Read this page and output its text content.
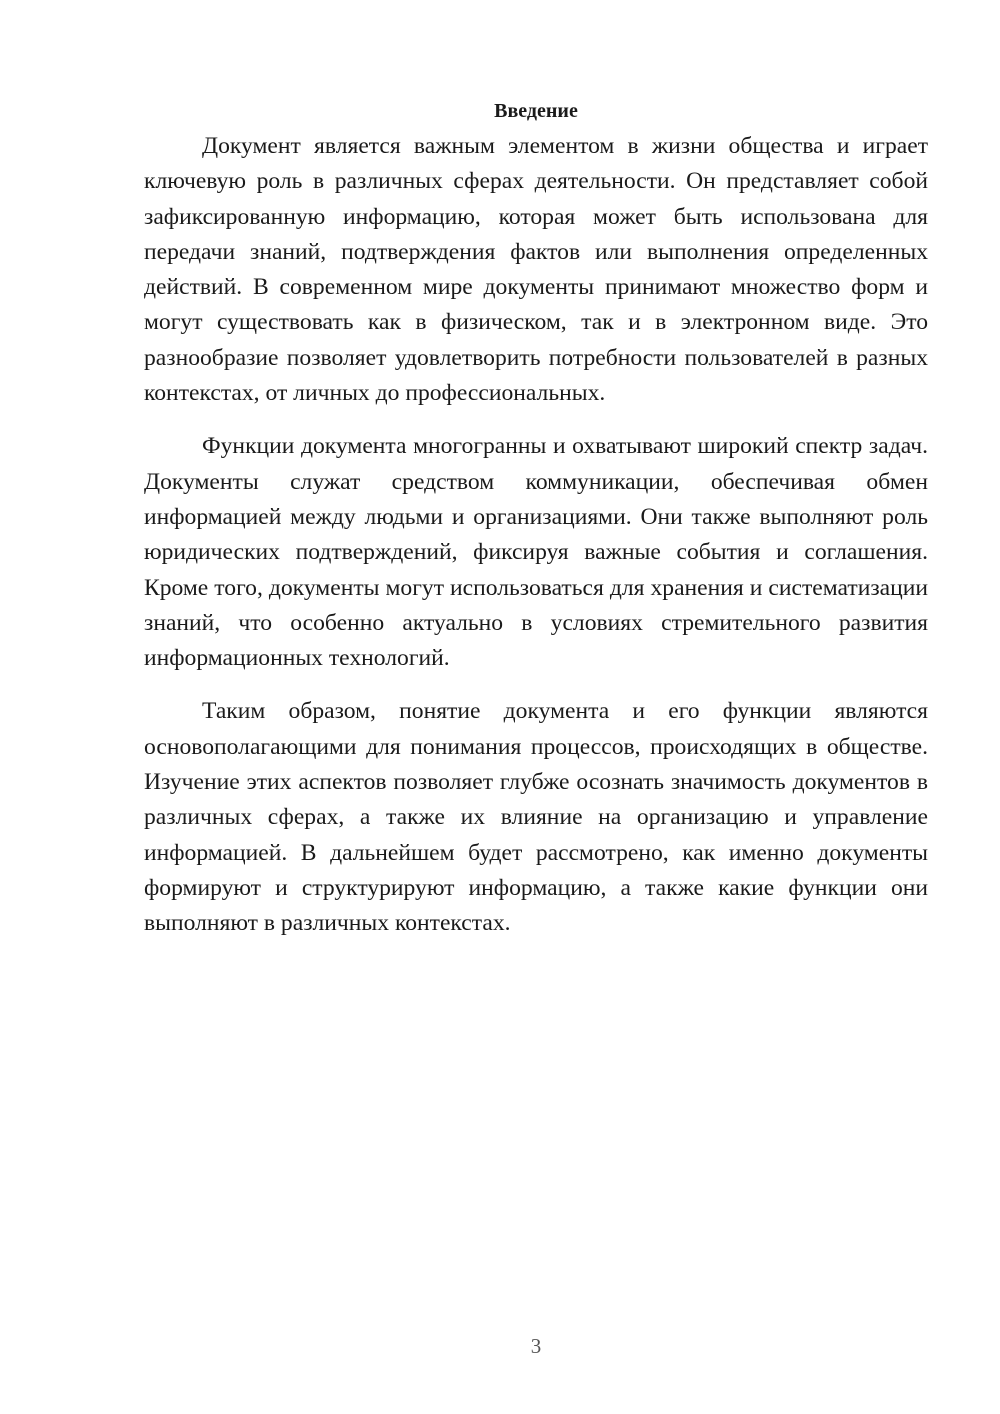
Введение

Документ является важным элементом в жизни общества и играет ключевую роль в различных сферах деятельности. Он представляет собой зафиксированную информацию, которая может быть использована для передачи знаний, подтверждения фактов или выполнения определенных действий. В современном мире документы принимают множество форм и могут существовать как в физическом, так и в электронном виде. Это разнообразие позволяет удовлетворить потребности пользователей в разных контекстах, от личных до профессиональных.

Функции документа многогранны и охватывают широкий спектр задач. Документы служат средством коммуникации, обеспечивая обмен информацией между людьми и организациями. Они также выполняют роль юридических подтверждений, фиксируя важные события и соглашения. Кроме того, документы могут использоваться для хранения и систематизации знаний, что особенно актуально в условиях стремительного развития информационных технологий.

Таким образом, понятие документа и его функции являются основополагающими для понимания процессов, происходящих в обществе. Изучение этих аспектов позволяет глубже осознать значимость документов в различных сферах, а также их влияние на организацию и управление информацией. В дальнейшем будет рассмотрено, как именно документы формируют и структурируют информацию, а также какие функции они выполняют в различных контекстах.

3
